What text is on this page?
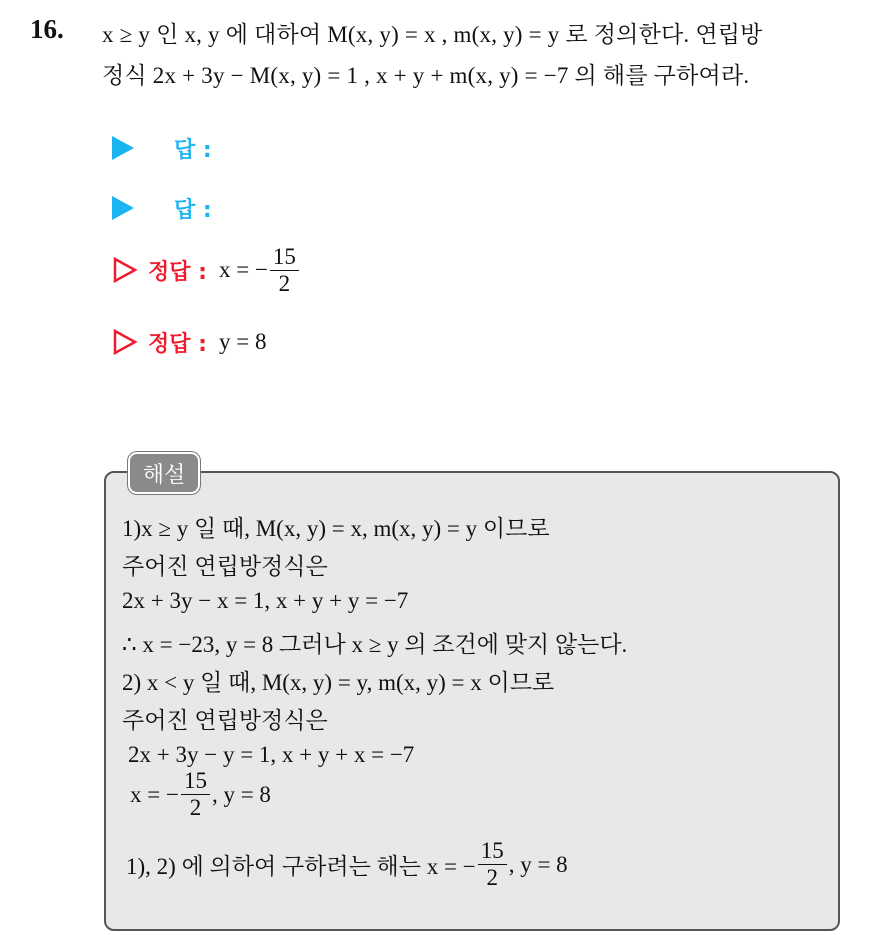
16. x ≥ y 인 x, y 에 대하여 M(x, y) = x , m(x, y) = y 로 정의한다. 연립방
정식 2x + 3y − M(x, y) = 1 , x + y + m(x, y) = −7 의 해를 구하여라.
답 :
답 :
정답 : x = − $\frac{15}{2}$
정답 : y = 8
해설
1)x ≥ y 일 때, M(x, y) = x, m(x, y) = y 이므로
주어진 연립방정식은
2x + 3y − x = 1, x + y + y = −7
∴ x = −23, y = 8 그러나 x ≥ y 의 조건에 맞지 않는다.
2) x < y 일 때, M(x, y) = y, m(x, y) = x 이므로
주어진 연립방정식은
2x + 3y − y = 1, x + y + x = −7
x = − $\frac{15}{2}$ , y = 8
1), 2) 에 의하여 구하려는 해는 x = − $\frac{15}{2}$ , y = 8
